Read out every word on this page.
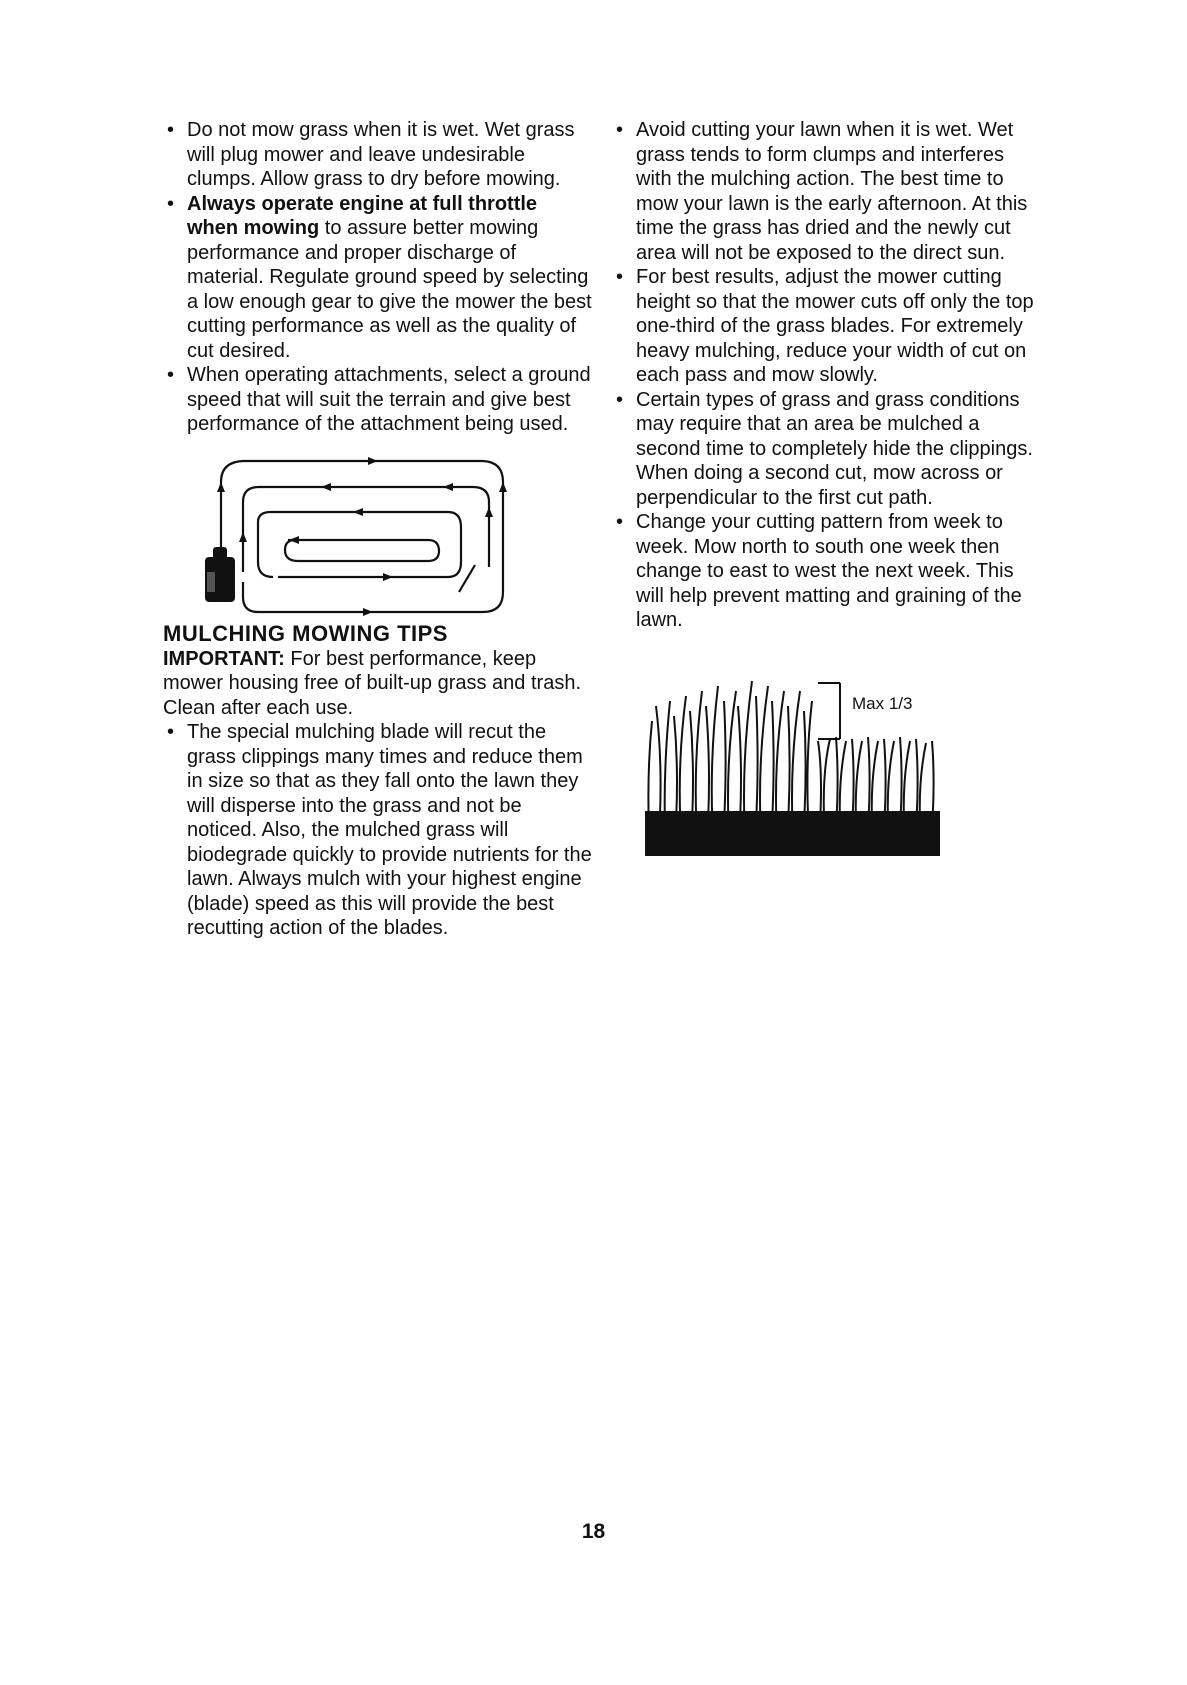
• Do not mow grass when it is wet. Wet grass will plug mower and leave undesirable clumps. Allow grass to dry before mowing.

• Always operate engine at full throttle when mowing to assure better mowing performance and proper discharge of material. Regulate ground speed by selecting a low enough gear to give the mower the best cutting performance as well as the quality of cut desired.

• When operating attachments, select a ground speed that will suit the terrain and give best performance of the attachment being used.

MULCHING MOWING TIPS

IMPORTANT: For best performance, keep mower housing free of built-up grass and trash. Clean after each use.

• The special mulching blade will recut the grass clippings many times and reduce them in size so that as they fall onto the lawn they will disperse into the grass and not be noticed. Also, the mulched grass will biodegrade quickly to provide nutrients for the lawn. Always mulch with your highest engine (blade) speed as this will provide the best recutting action of the blades.

• Avoid cutting your lawn when it is wet. Wet grass tends to form clumps and interferes with the mulching action. The best time to mow your lawn is the early afternoon. At this time the grass has dried and the newly cut area will not be exposed to the direct sun.

• For best results, adjust the mower cutting height so that the mower cuts off only the top one-third of the grass blades. For extremely heavy mulching, reduce your width of cut on each pass and mow slowly.

• Certain types of grass and grass conditions may require that an area be mulched a second time to completely hide the clippings. When doing a second cut, mow across or perpendicular to the first cut path.

• Change your cutting pattern from week to week. Mow north to south one week then change to east to west the next week. This will help prevent matting and graining of the lawn.

Max 1/3
18
